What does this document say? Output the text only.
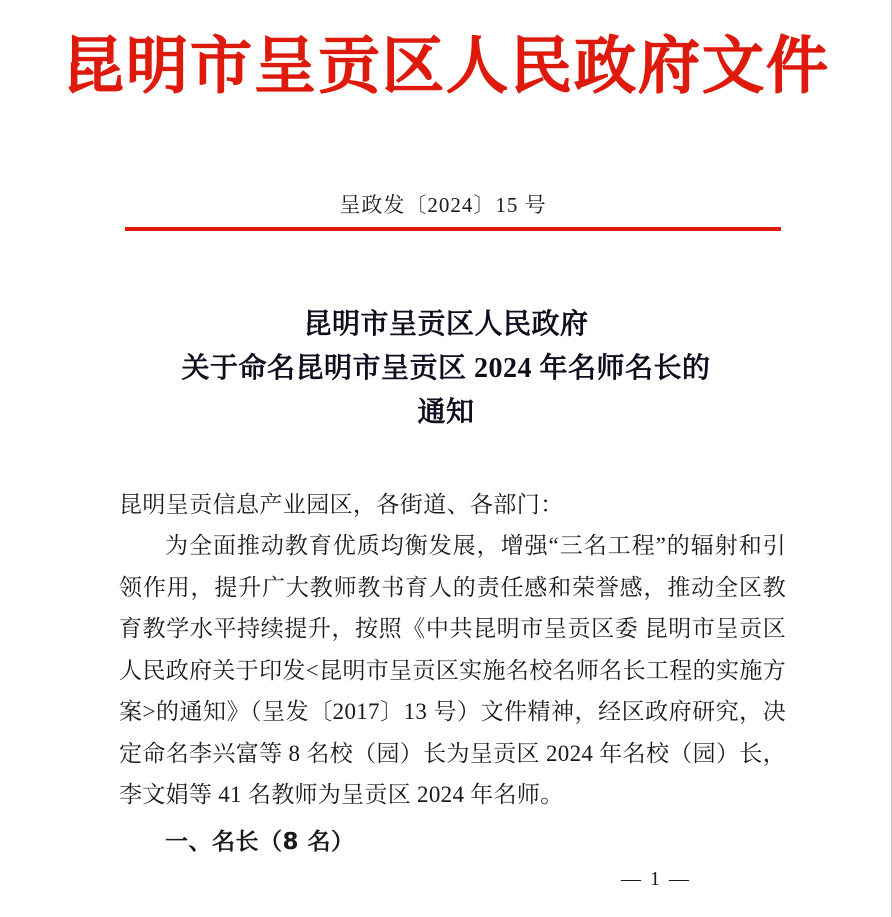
昆明市呈贡区人民政府文件
呈政发〔2024〕15 号
昆明市呈贡区人民政府
关于命名昆明市呈贡区 2024 年名师名长的
通知
昆明呈贡信息产业园区，各街道、各部门：
为全面推动教育优质均衡发展，增强“三名工程”的辐射和引领作用，提升广大教师教书育人的责任感和荣誉感，推动全区教育教学水平持续提升，按照《中共昆明市呈贡区委 昆明市呈贡区人民政府关于印发<昆明市呈贡区实施名校名师名长工程的实施方案>的通知》（呈发〔2017〕13 号）文件精神，经区政府研究，决定命名李兴富等 8 名校（园）长为呈贡区 2024 年名校（园）长，李文娟等 41 名教师为呈贡区 2024 年名师。
一、名长（8 名）
— 1 —
